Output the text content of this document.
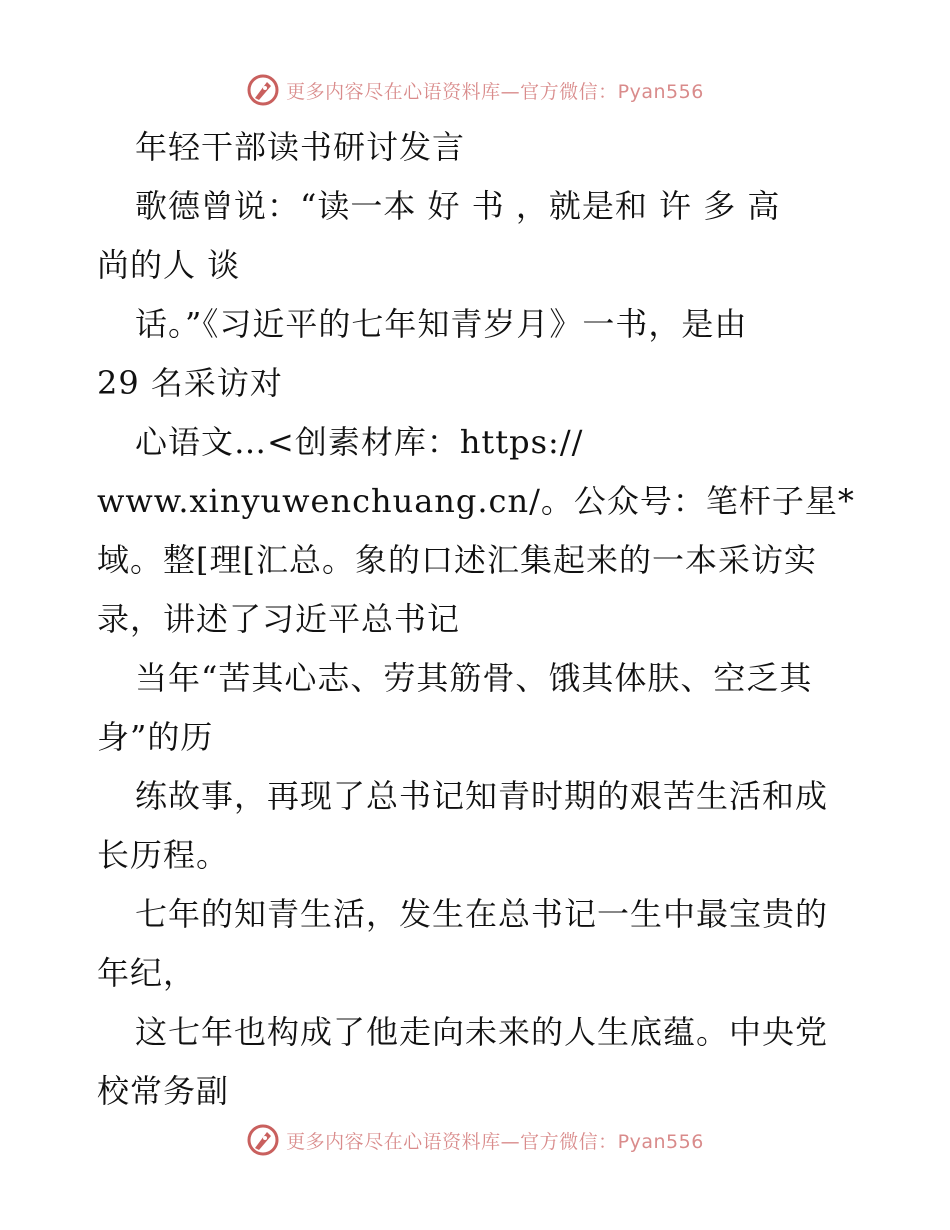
更多内容尽在心语资料库—官方微信：Pyan556
年轻干部读书研讨发言
歌德曾说：“读一本 好 书 ，就是和 许 多 高
尚的人 谈
话。”《习近平的七年知青岁月》一书，是由
29 名采访对
心语文…<创素材库：https://
www.xinyuwenchuang.cn/。公众号：笔杆子星*
域。整[理[汇总。象的口述汇集起来的一本采访实
录，讲述了习近平总书记
当年“苦其心志、劳其筋骨、饿其体肤、空乏其
身”的历
练故事，再现了总书记知青时期的艰苦生活和成
长历程。
七年的知青生活，发生在总书记一生中最宝贵的
年纪，
这七年也构成了他走向未来的人生底蕴。中央党
校常务副
更多内容尽在心语资料库—官方微信：Pyan556
